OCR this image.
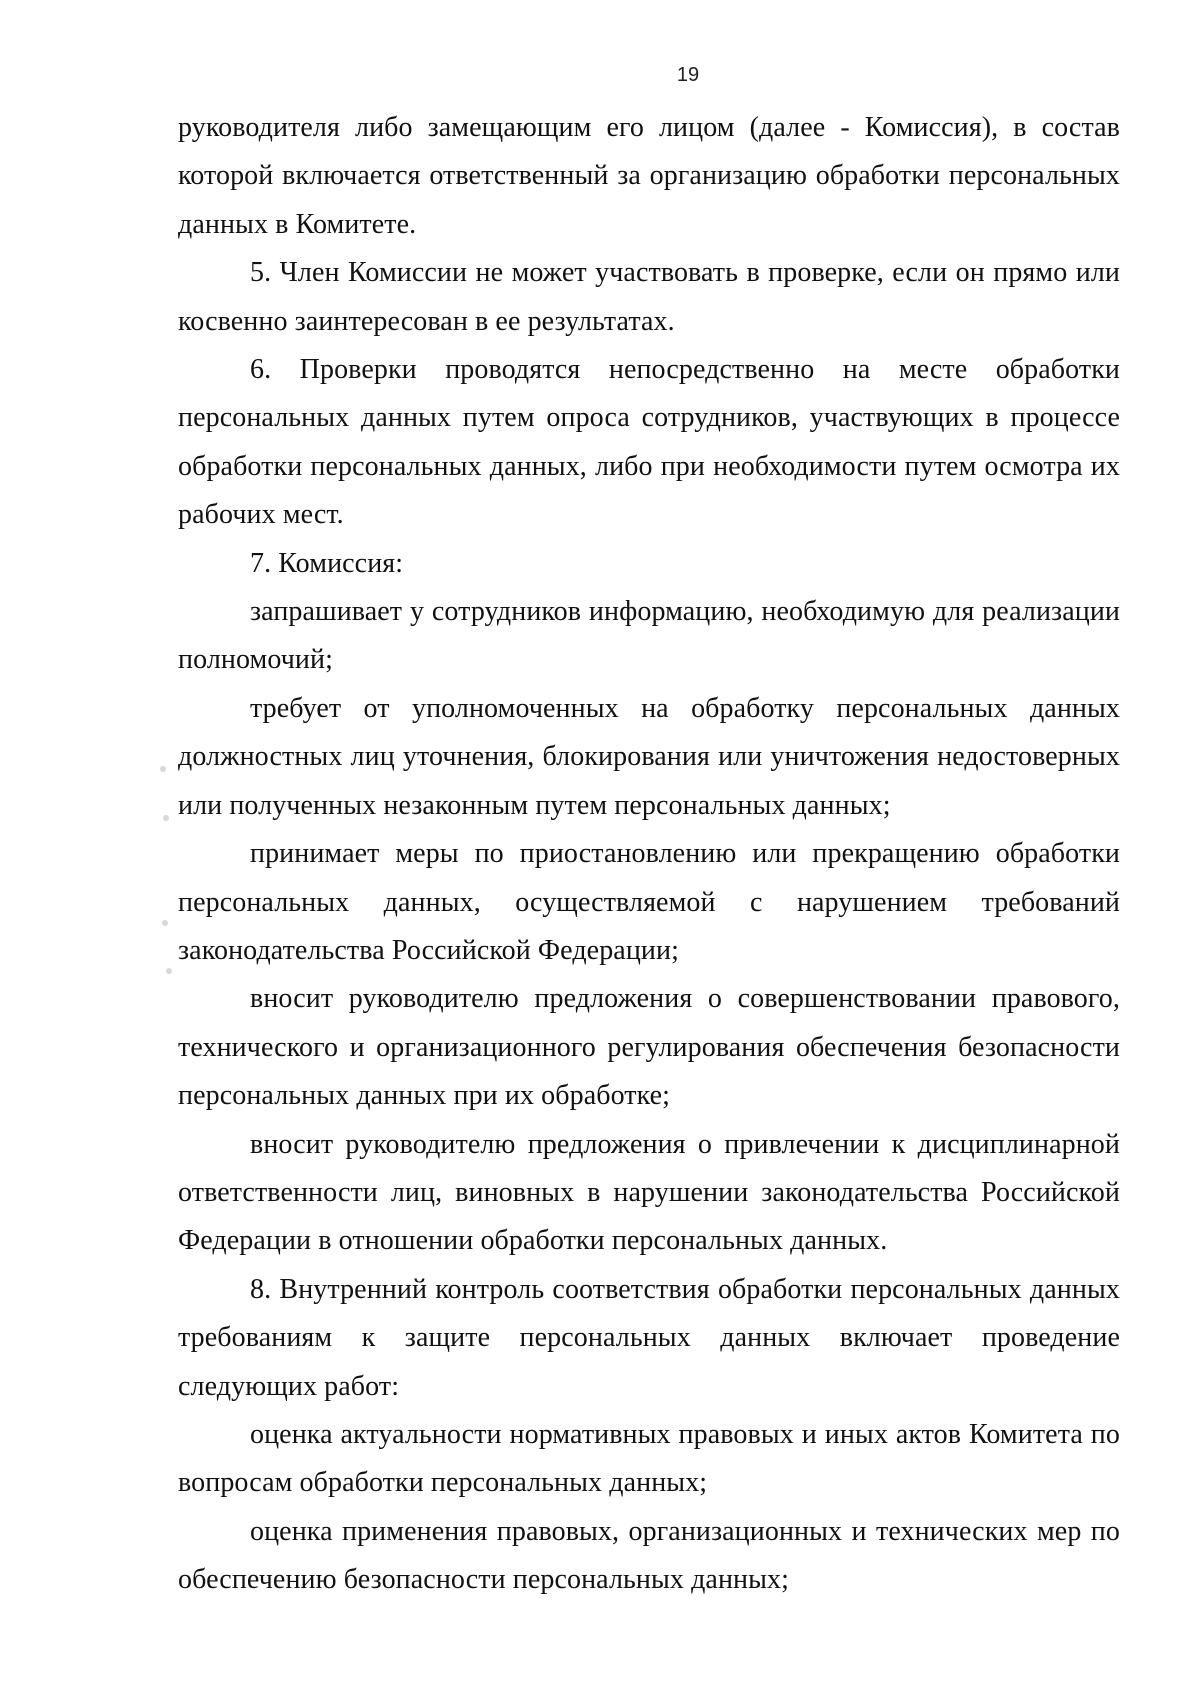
19

руководителя либо замещающим его лицом (далее - Комиссия), в состав которой включается ответственный за организацию обработки персональных данных в Комитете.

5. Член Комиссии не может участвовать в проверке, если он прямо или косвенно заинтересован в ее результатах.

6. Проверки проводятся непосредственно на месте обработки персональных данных путем опроса сотрудников, участвующих в процессе обработки персональных данных, либо при необходимости путем осмотра их рабочих мест.

7. Комиссия:

запрашивает у сотрудников информацию, необходимую для реализации полномочий;

требует от уполномоченных на обработку персональных данных должностных лиц уточнения, блокирования или уничтожения недостоверных или полученных незаконным путем персональных данных;

принимает меры по приостановлению или прекращению обработки персональных данных, осуществляемой с нарушением требований законодательства Российской Федерации;

вносит руководителю предложения о совершенствовании правового, технического и организационного регулирования обеспечения безопасности персональных данных при их обработке;

вносит руководителю предложения о привлечении к дисциплинарной ответственности лиц, виновных в нарушении законодательства Российской Федерации в отношении обработки персональных данных.

8. Внутренний контроль соответствия обработки персональных данных требованиям к защите персональных данных включает проведение следующих работ:

оценка актуальности нормативных правовых и иных актов Комитета по вопросам обработки персональных данных;

оценка применения правовых, организационных и технических мер по обеспечению безопасности персональных данных;
